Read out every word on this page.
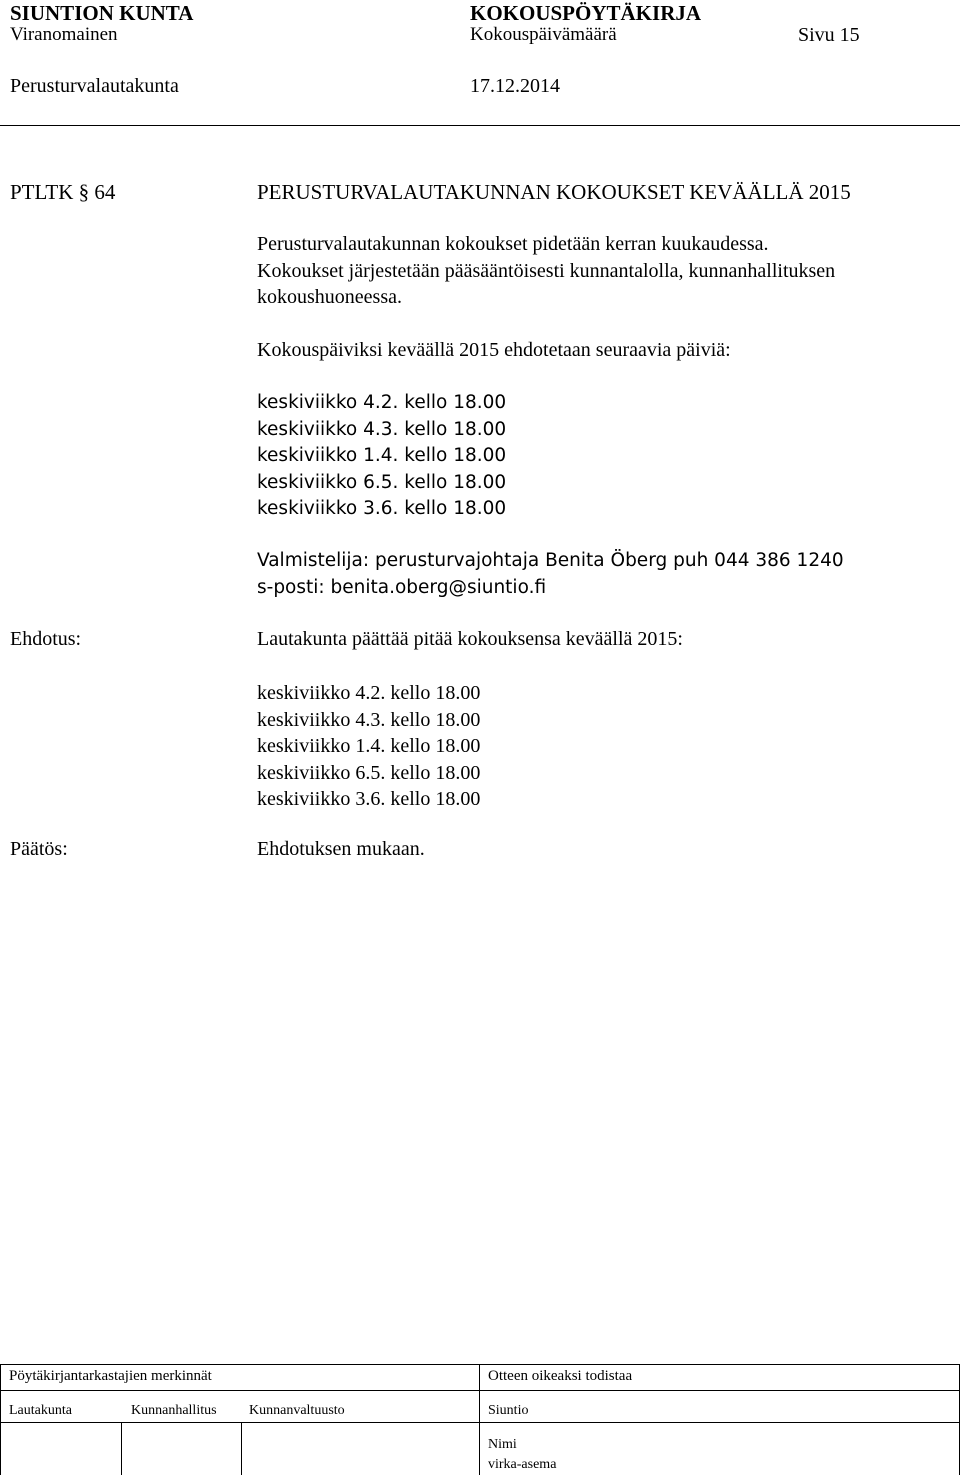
SIUNTION KUNTA	KOKOUSPÖYTÄKIRJA
Viranomainen	Kokouspäivämäärä	Sivu 15
Perusturvalautakunta	17.12.2014
PTLTK § 64	PERUSTURVALAUTAKUNNAN KOKOUKSET KEVÄÄLLÄ 2015
Perusturvalautakunnan kokoukset pidetään kerran kuukaudessa.
Kokoukset järjestetään pääsääntöisesti kunnantalolla, kunnanhallituksen
kokoushuoneessa.
Kokouspäiviksi keväällä 2015 ehdotetaan seuraavia päiviä:
keskiviikko 4.2. kello 18.00
keskiviikko 4.3. kello 18.00
keskiviikko 1.4. kello 18.00
keskiviikko 6.5. kello 18.00
keskiviikko 3.6. kello 18.00
Valmistelija: perusturvajohtaja Benita Öberg puh 044 386 1240
s-posti: benita.oberg@siuntio.fi
Ehdotus:	Lautakunta päättää pitää kokouksensa keväällä 2015:
keskiviikko 4.2. kello 18.00
keskiviikko 4.3. kello 18.00
keskiviikko 1.4. kello 18.00
keskiviikko 6.5. kello 18.00
keskiviikko 3.6. kello 18.00
Päätös:	Ehdotuksen mukaan.
Pöytäkirjantarkastajien merkinnät	Otteen oikeaksi todistaa
Lautakunta	Kunnanhallitus Kunnanvaltuusto	Siuntio
Nimi
virka-asema
